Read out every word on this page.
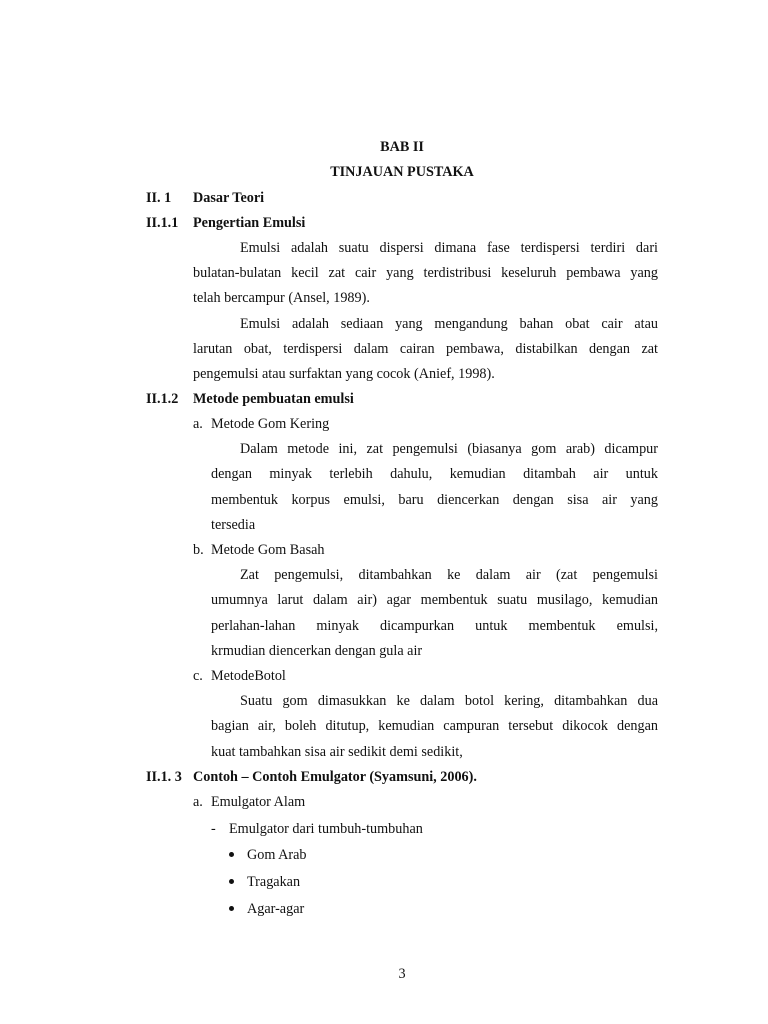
BAB II
TINJAUAN PUSTAKA
II. 1 Dasar Teori
II.1.1 Pengertian Emulsi
Emulsi adalah suatu dispersi dimana fase terdispersi terdiri dari
bulatan-bulatan kecil zat cair yang terdistribusi keseluruh pembawa yang
telah bercampur (Ansel, 1989).
Emulsi adalah sediaan yang mengandung bahan obat cair atau
larutan obat, terdispersi dalam cairan pembawa, distabilkan dengan zat
pengemulsi atau surfaktan yang cocok (Anief, 1998).
II.1.2 Metode pembuatan emulsi
a. Metode Gom Kering
Dalam metode ini, zat pengemulsi (biasanya gom arab) dicampur
dengan minyak terlebih dahulu, kemudian ditambah air untuk
membentuk korpus emulsi, baru diencerkan dengan sisa air yang
tersedia
b. Metode Gom Basah
Zat pengemulsi, ditambahkan ke dalam air (zat pengemulsi
umumnya larut dalam air) agar membentuk suatu musilago, kemudian
perlahan-lahan minyak dicampurkan untuk membentuk emulsi,
krmudian diencerkan dengan gula air
c. MetodeBotol
Suatu gom dimasukkan ke dalam botol kering, ditambahkan dua
bagian air, boleh ditutup, kemudian campuran tersebut dikocok dengan
kuat tambahkan sisa air sedikit demi sedikit,
II.1. 3 Contoh – Contoh Emulgator (Syamsuni, 2006).
a. Emulgator Alam
- Emulgator dari tumbuh-tumbuhan
Gom Arab
Tragakan
Agar-agar
3
